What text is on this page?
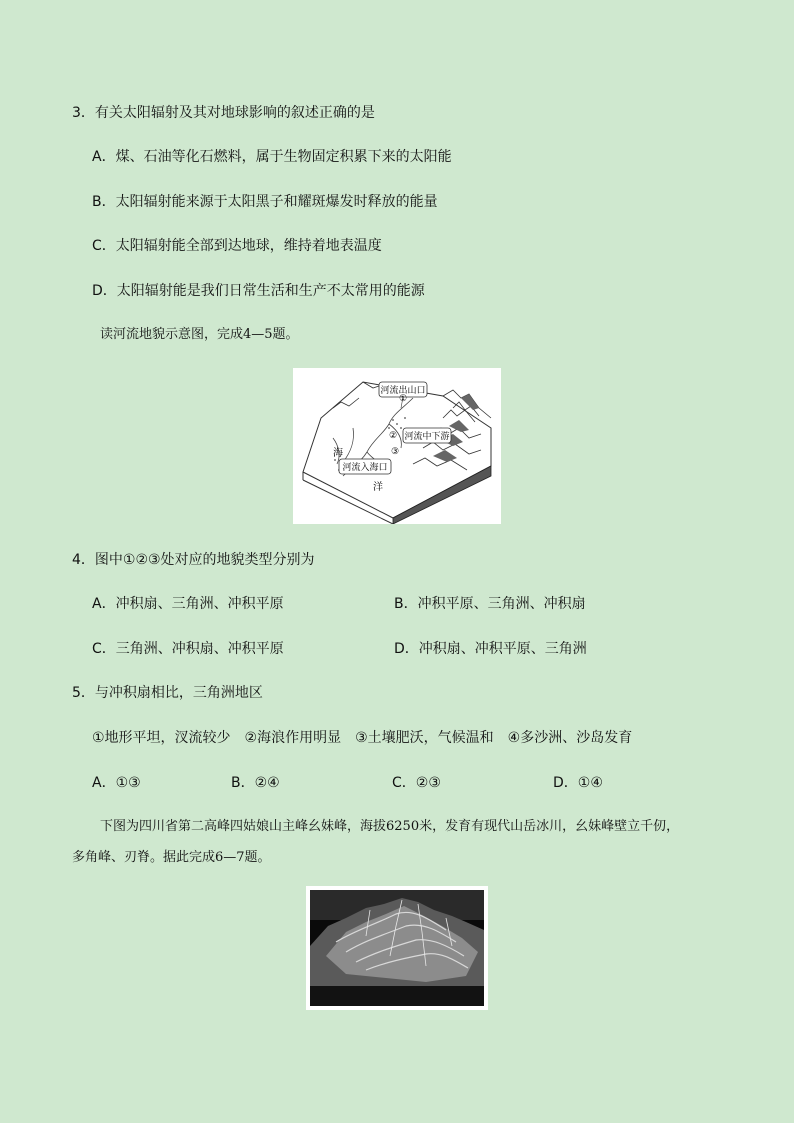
3．有关太阳辐射及其对地球影响的叙述正确的是
A．煤、石油等化石燃料，属于生物固定积累下来的太阳能
B．太阳辐射能来源于太阳黑子和耀斑爆发时释放的能量
C．太阳辐射能全部到达地球，维持着地表温度
D．太阳辐射能是我们日常生活和生产不太常用的能源
读河流地貌示意图，完成4—5题。
河流出山口
河流中下游
河流入海口
①
②
③
海
洋
4．图中①②③处对应的地貌类型分别为
A．冲积扇、三角洲、冲积平原	B．冲积平原、三角洲、冲积扇
C．三角洲、冲积扇、冲积平原	D．冲积扇、冲积平原、三角洲
5．与冲积扇相比，三角洲地区
①地形平坦，汊流较少　②海浪作用明显　③土壤肥沃，气候温和　④多沙洲、沙岛发育
A．①③	B．②④	C．②③	D．①④
下图为四川省第二高峰四姑娘山主峰幺妹峰，海拔6250米，发育有现代山岳冰川，幺妹峰壁立千仞，
多角峰、刃脊。据此完成6—7题。
